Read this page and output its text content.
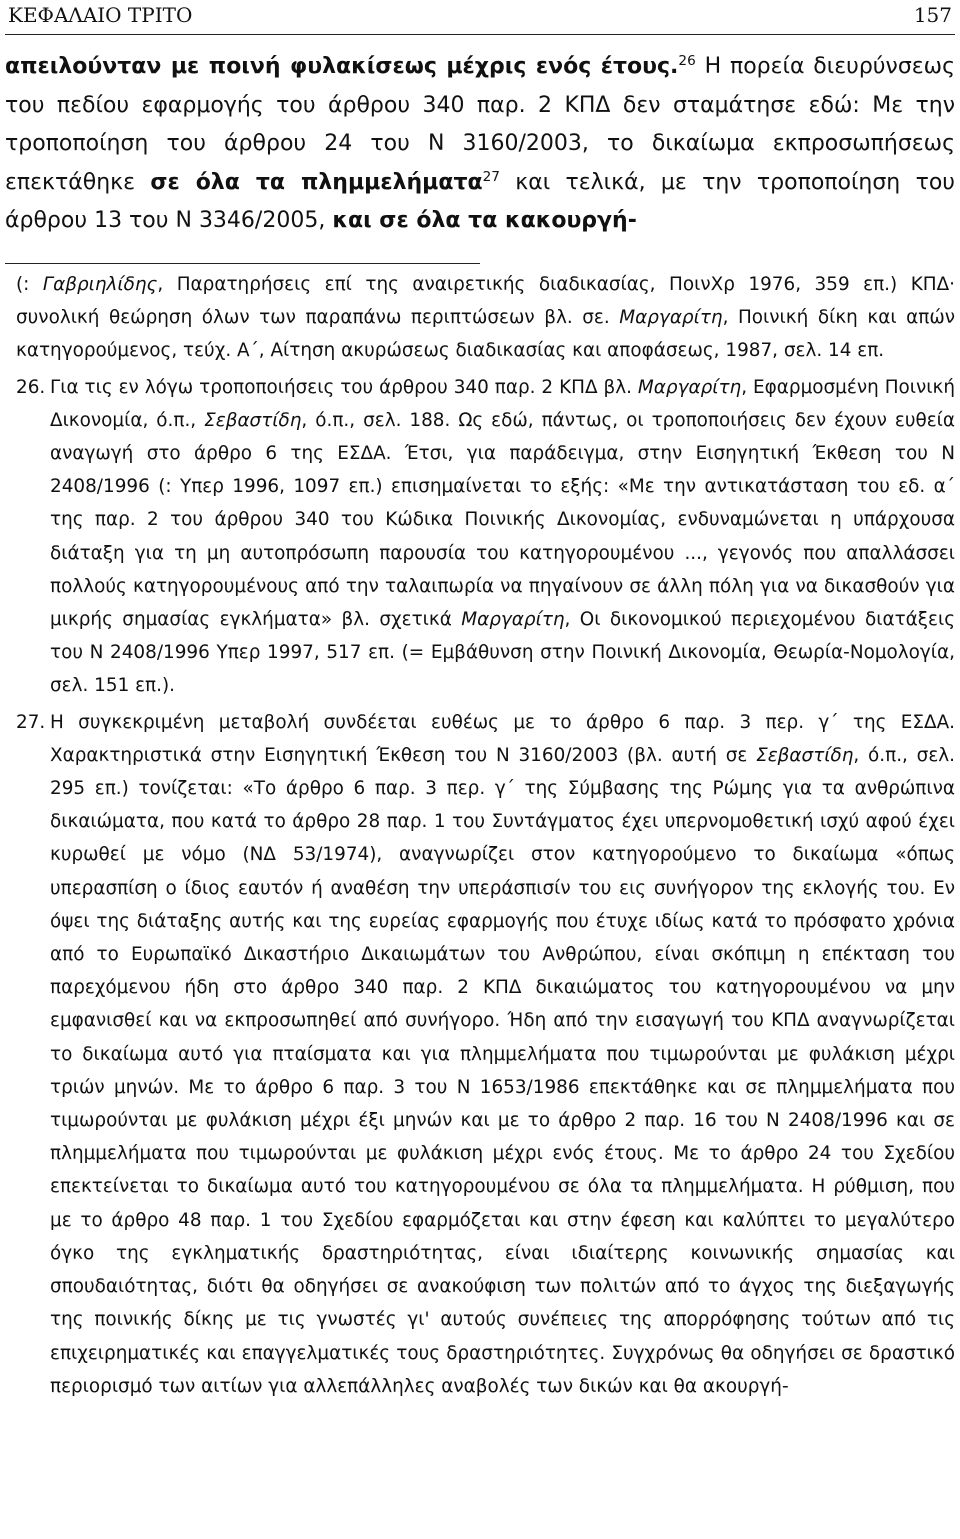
ΚΕΦΑΛΑΙΟ ΤΡΙΤΟ	157

απειλούνταν με ποινή φυλακίσεως μέχρις ενός έτους.$^{26}$ Η πορεία διευρύνσεως του πεδίου εφαρμογής του άρθρου 340 παρ. 2 ΚΠΔ δεν σταμάτησε εδώ: Με την τροποποίηση του άρθρου 24 του Ν 3160/2003, το δικαίωμα εκπροσωπήσεως επεκτάθηκε σε όλα τα πλημμελήματα$^{27}$ και τελικά, με την τροποποίηση του άρθρου 13 του Ν 3346/2005, και σε όλα τα κακουργή-

(: Γαβριηλίδης, Παρατηρήσεις επί της αναιρετικής διαδικασίας, ΠοινΧρ 1976, 359 επ.) ΚΠΔ· συνολική θεώρηση όλων των παραπάνω περιπτώσεων βλ. σε. Μαργαρίτη, Ποινική δίκη και απών κατηγορούμενος, τεύχ. Α΄, Αίτηση ακυρώσεως διαδικασίας και αποφάσεως, 1987, σελ. 14 επ.

26. Για τις εν λόγω τροποποιήσεις του άρθρου 340 παρ. 2 ΚΠΔ βλ. Μαργαρίτη, Εφαρμοσμένη Ποινική Δικονομία, ό.π., Σεβαστίδη, ό.π., σελ. 188. Ως εδώ, πάντως, οι τροποποιήσεις δεν έχουν ευθεία αναγωγή στο άρθρο 6 της ΕΣΔΑ. Έτσι, για παράδειγμα, στην Εισηγητική Έκθεση του Ν 2408/1996 (: Υπερ 1996, 1097 επ.) επισημαίνεται το εξής: «Με την αντικατάσταση του εδ. α΄ της παρ. 2 του άρθρου 340 του Κώδικα Ποινικής Δικονομίας, ενδυναμώνεται η υπάρχουσα διάταξη για τη μη αυτοπρόσωπη παρουσία του κατηγορουμένου ..., γεγονός που απαλλάσσει πολλούς κατηγορουμένους από την ταλαιπωρία να πηγαίνουν σε άλλη πόλη για να δικασθούν για μικρής σημασίας εγκλήματα» βλ. σχετικά Μαργαρίτη, Οι δικονομικού περιεχομένου διατάξεις του Ν 2408/1996 Υπερ 1997, 517 επ. (= Εμβάθυνση στην Ποινική Δικονομία, Θεωρία-Νομολογία, σελ. 151 επ.).

27. Η συγκεκριμένη μεταβολή συνδέεται ευθέως με το άρθρο 6 παρ. 3 περ. γ΄ της ΕΣΔΑ. Χαρακτηριστικά στην Εισηγητική Έκθεση του Ν 3160/2003 (βλ. αυτή σε Σεβαστίδη, ό.π., σελ. 295 επ.) τονίζεται: «Το άρθρο 6 παρ. 3 περ. γ΄ της Σύμβασης της Ρώμης για τα ανθρώπινα δικαιώματα, που κατά το άρθρο 28 παρ. 1 του Συντάγματος έχει υπερνομοθετική ισχύ αφού έχει κυρωθεί με νόμο (ΝΔ 53/1974), αναγνωρίζει στον κατηγορούμενο το δικαίωμα «όπως υπερασπίση ο ίδιος εαυτόν ή αναθέση την υπεράσπισίν του εις συνήγορον της εκλογής του. Εν όψει της διάταξης αυτής και της ευρείας εφαρμογής που έτυχε ιδίως κατά το πρόσφατο χρόνια από το Ευρωπαϊκό Δικαστήριο Δικαιωμάτων του Ανθρώπου, είναι σκόπιμη η επέκταση του παρεχόμενου ήδη στο άρθρο 340 παρ. 2 ΚΠΔ δικαιώματος του κατηγορουμένου να μην εμφανισθεί και να εκπροσωπηθεί από συνήγορο. Ήδη από την εισαγωγή του ΚΠΔ αναγνωρίζεται το δικαίωμα αυτό για πταίσματα και για πλημμελήματα που τιμωρούνται με φυλάκιση μέχρι τριών μηνών. Με το άρθρο 6 παρ. 3 του Ν 1653/1986 επεκτάθηκε και σε πλημμελήματα που τιμωρούνται με φυλάκιση μέχρι έξι μηνών και με το άρθρο 2 παρ. 16 του Ν 2408/1996 και σε πλημμελήματα που τιμωρούνται με φυλάκιση μέχρι ενός έτους. Με το άρθρο 24 του Σχεδίου επεκτείνεται το δικαίωμα αυτό του κατηγορουμένου σε όλα τα πλημμελήματα. Η ρύθμιση, που με το άρθρο 48 παρ. 1 του Σχεδίου εφαρμόζεται και στην έφεση και καλύπτει το μεγαλύτερο όγκο της εγκληματικής δραστηριότητας, είναι ιδιαίτερης κοινωνικής σημασίας και σπουδαιότητας, διότι θα οδηγήσει σε ανακούφιση των πολιτών από το άγχος της διεξαγωγής της ποινικής δίκης με τις γνωστές γι' αυτούς συνέπειες της απορρόφησης τούτων από τις επιχειρηματικές και επαγγελματικές τους δραστηριότητες. Συγχρόνως θα οδηγήσει σε δραστικό περιορισμό των αιτίων για αλλεπάλληλες αναβολές των δικών και θα ακουργή-
